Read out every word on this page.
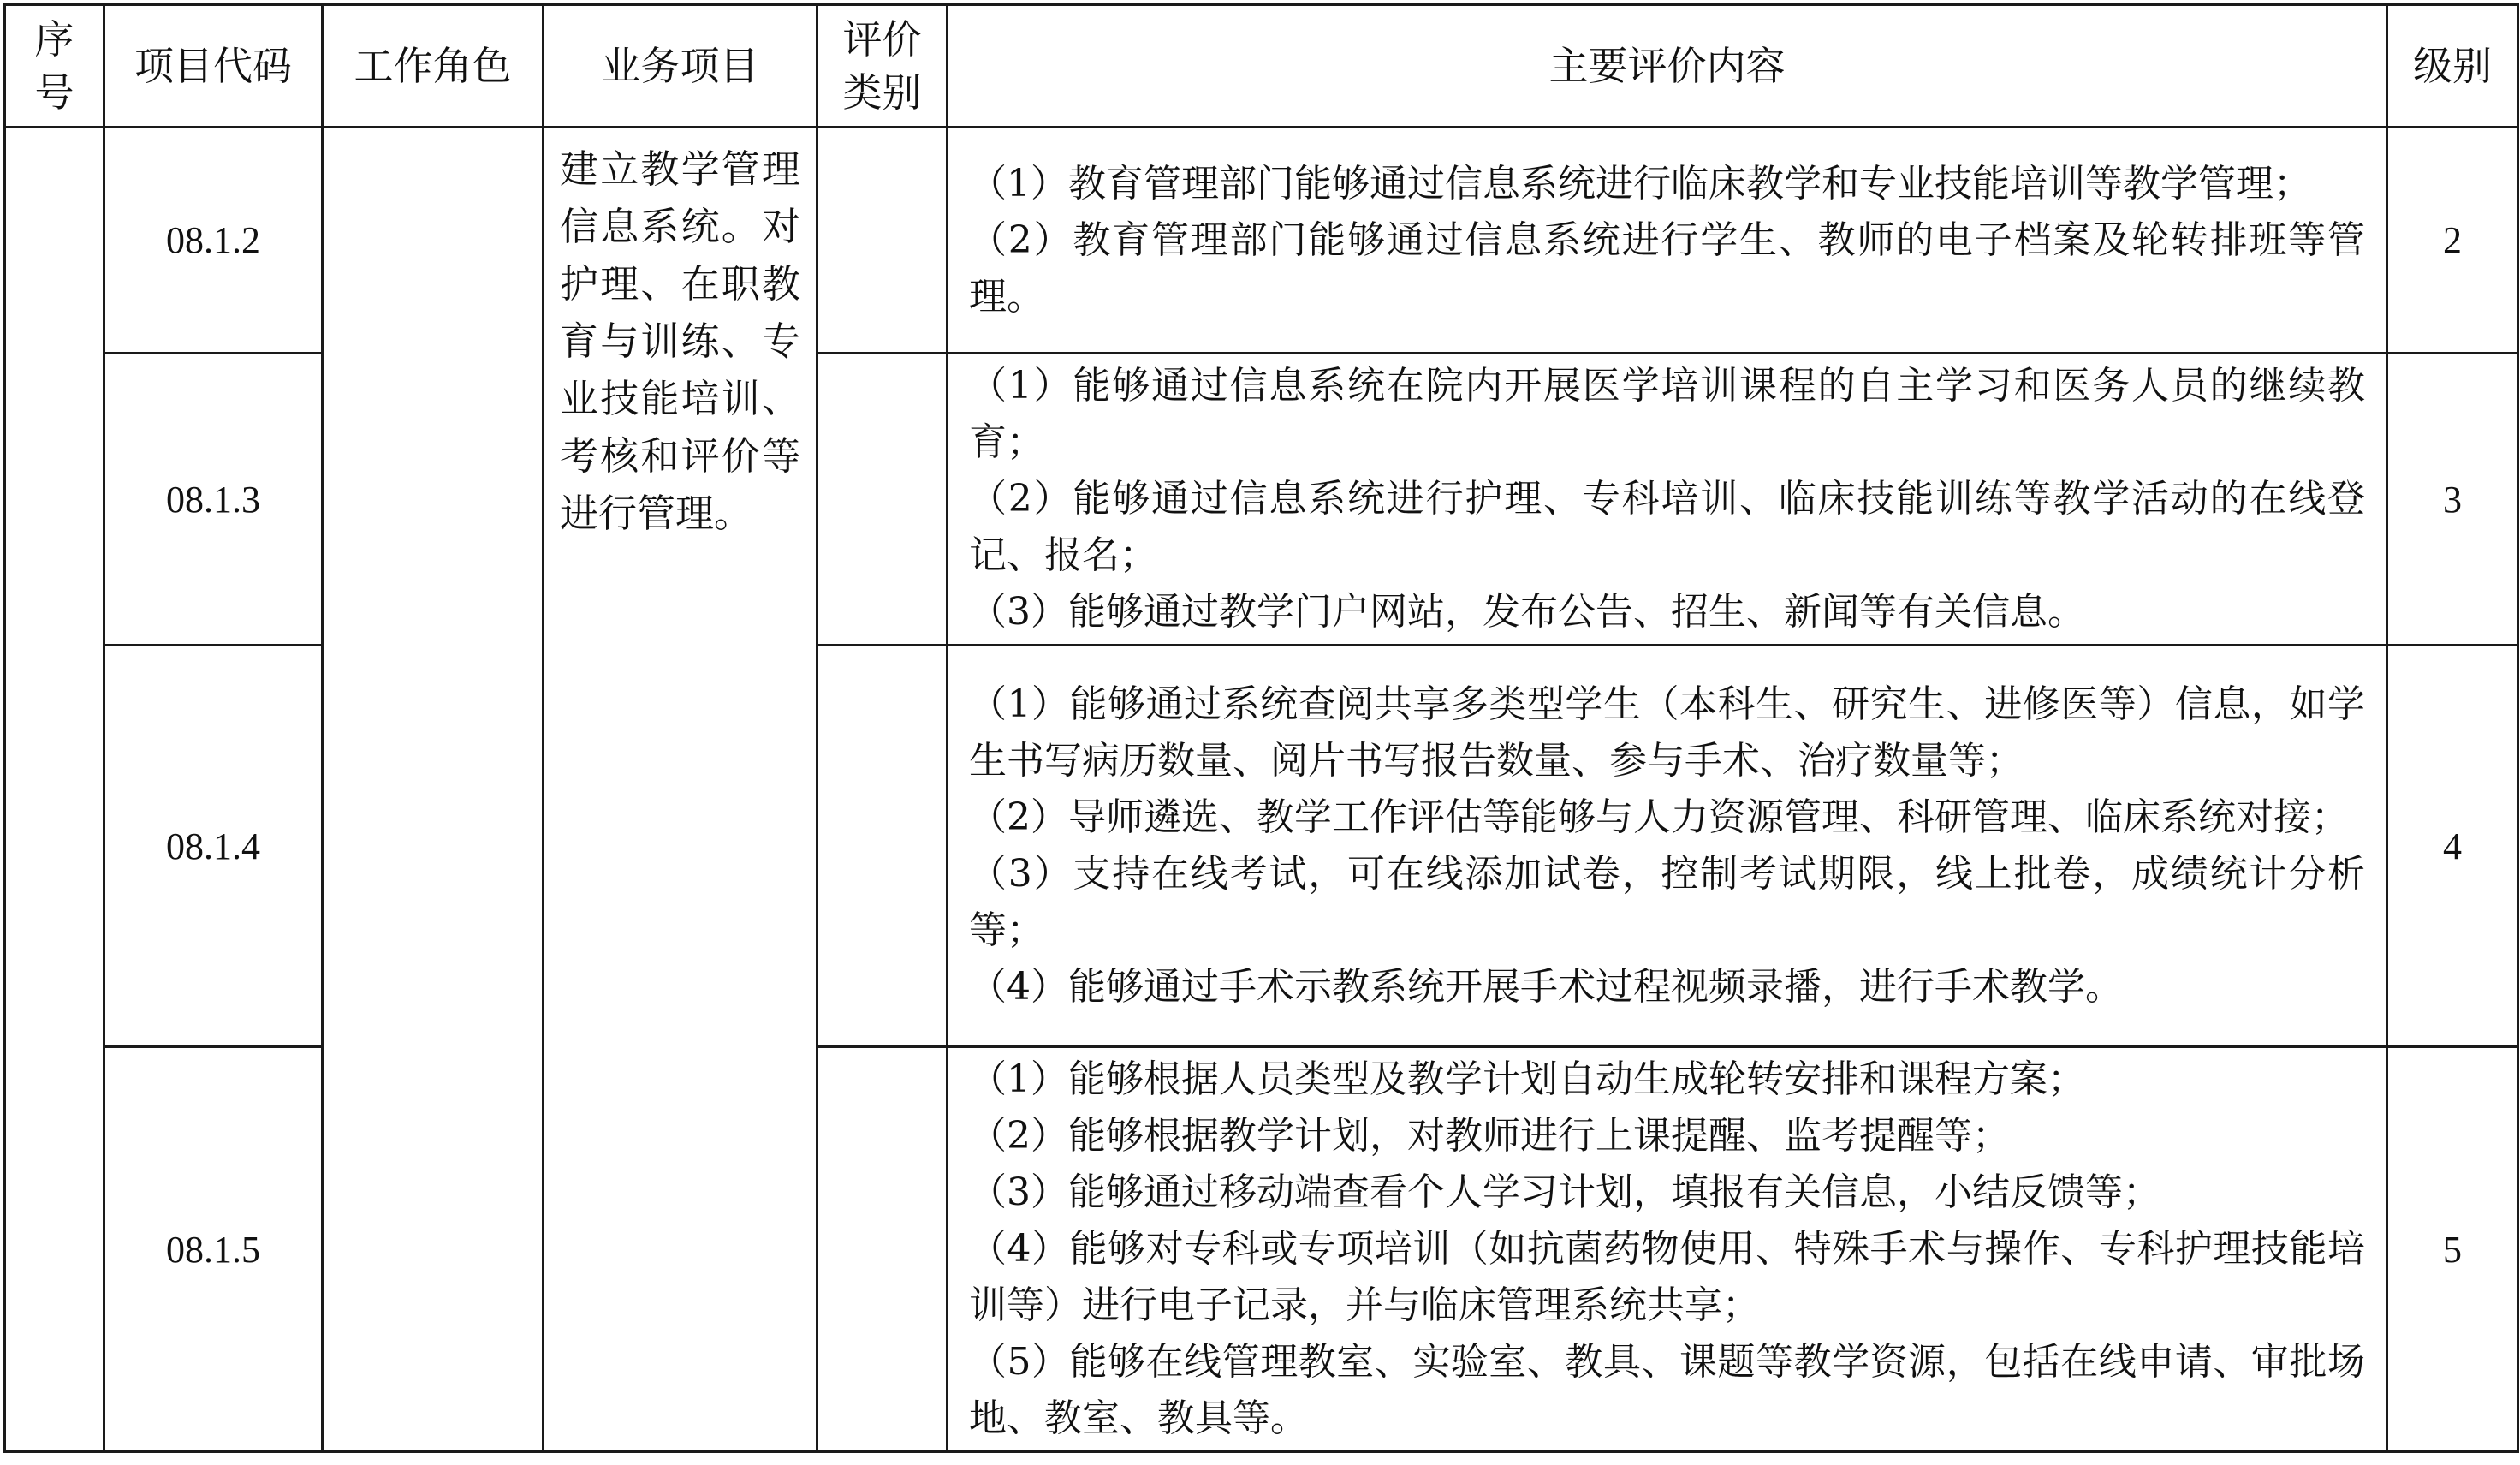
序号	项目代码	工作角色	业务项目	评价类别	主要评价内容	级别
	08.1.2		建立教学管理信息系统。对护理、在职教育与训练、专业技能培训、考核和评价等进行管理。		（1）教育管理部门能够通过信息系统进行临床教学和专业技能培训等教学管理；
（2）教育管理部门能够通过信息系统进行学生、教师的电子档案及轮转排班等管理。	2
	08.1.3				（1）能够通过信息系统在院内开展医学培训课程的自主学习和医务人员的继续教育；
（2）能够通过信息系统进行护理、专科培训、临床技能训练等教学活动的在线登记、报名；
（3）能够通过教学门户网站，发布公告、招生、新闻等有关信息。	3
	08.1.4				（1）能够通过系统查阅共享多类型学生（本科生、研究生、进修医等）信息，如学生书写病历数量、阅片书写报告数量、参与手术、治疗数量等；
（2）导师遴选、教学工作评估等能够与人力资源管理、科研管理、临床系统对接；
（3）支持在线考试，可在线添加试卷，控制考试期限，线上批卷，成绩统计分析等；
（4）能够通过手术示教系统开展手术过程视频录播，进行手术教学。	4
	08.1.5				（1）能够根据人员类型及教学计划自动生成轮转安排和课程方案；
（2）能够根据教学计划，对教师进行上课提醒、监考提醒等；
（3）能够通过移动端查看个人学习计划，填报有关信息，小结反馈等；
（4）能够对专科或专项培训（如抗菌药物使用、特殊手术与操作、专科护理技能培训等）进行电子记录，并与临床管理系统共享；
（5）能够在线管理教室、实验室、教具、课题等教学资源，包括在线申请、审批场地、教室、教具等。	5
